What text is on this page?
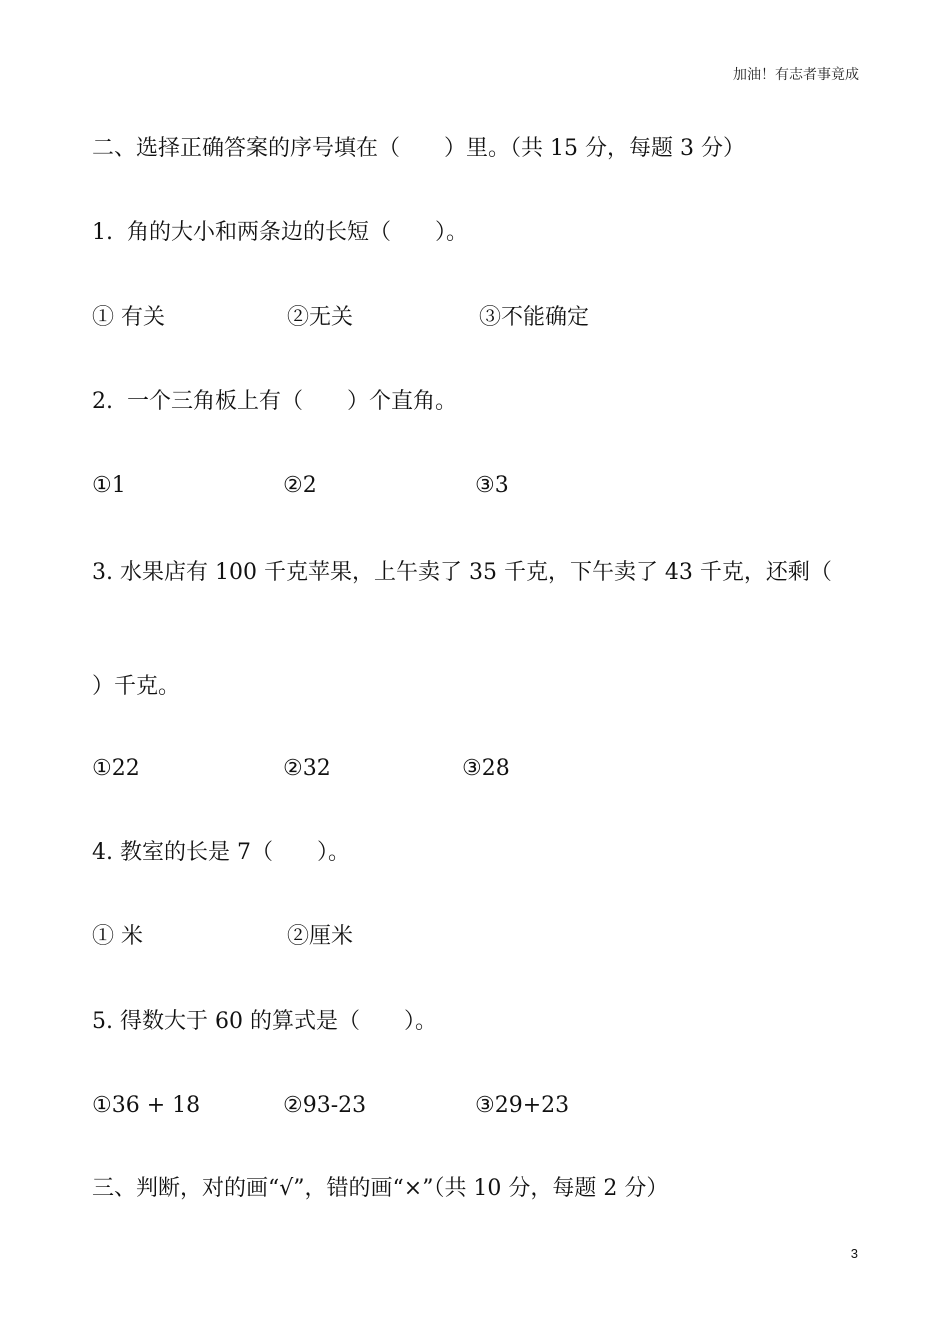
加油！有志者事竟成
二、选择正确答案的序号填在（　　）里。（共 15 分，每题 3 分）
1.  角的大小和两条边的长短（　　）。
① 有关	②无关	③不能确定
2.  一个三角板上有（　　）个直角。
①1	②2	③3
3. 水果店有 100 千克苹果，上午卖了 35 千克，下午卖了 43 千克，还剩（
）千克。
①22	②32	③28
4. 教室的长是 7（　　）。
① 米	②厘米
5. 得数大于 60 的算式是（　　）。
①36 + 18	②93-23	③29+23
三、判断，对的画“√”，错的画“×”（共 10 分，每题 2 分）
3
